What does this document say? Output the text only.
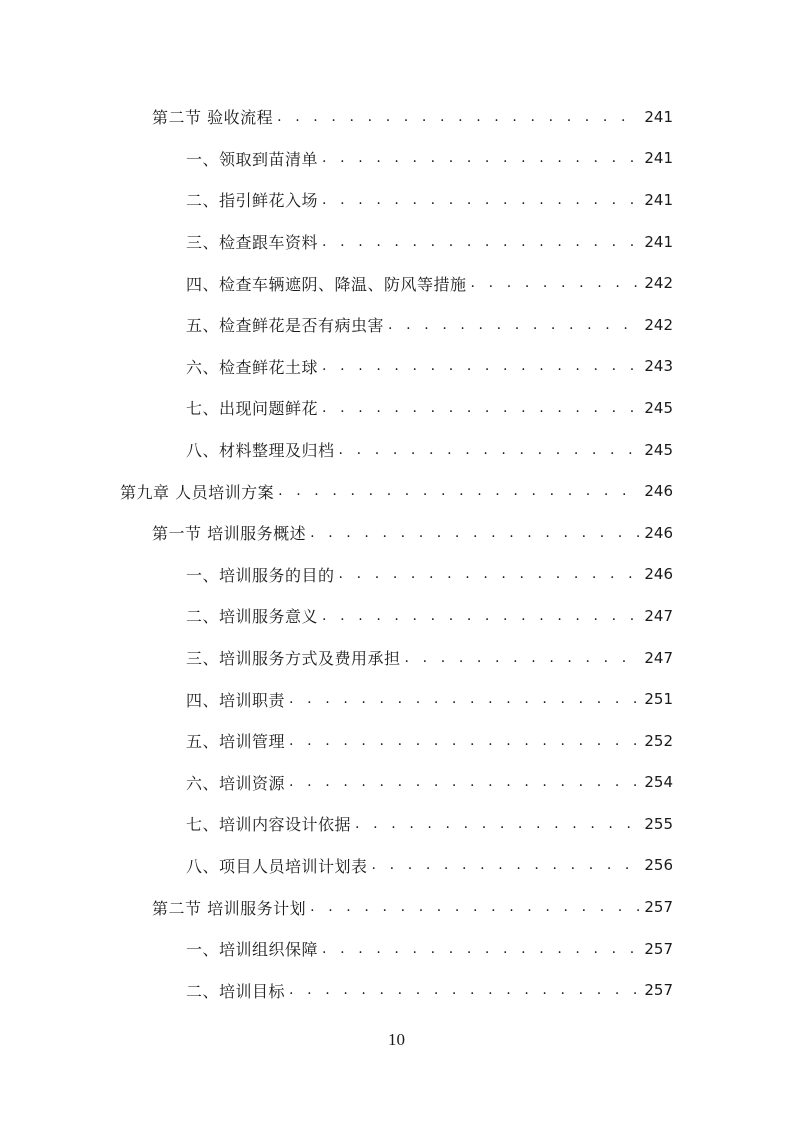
第二节 验收流程 . . .	241
一、领取到苗清单 . . .	241
二、指引鲜花入场 . . .	241
三、检查跟车资料 . . .	241
四、检查车辆遮阴、降温、防风等措施 . . .	242
五、检查鲜花是否有病虫害 . . .	242
六、检查鲜花土球 . . .	243
七、出现问题鲜花 . . .	245
八、材料整理及归档 . . .	245
第九章 人员培训方案 . . .	246
第一节 培训服务概述 . . .	246
一、培训服务的目的 . . .	246
二、培训服务意义 . . .	247
三、培训服务方式及费用承担 . . .	247
四、培训职责 . . .	251
五、培训管理 . . .	252
六、培训资源 . . .	254
七、培训内容设计依据 . . .	255
八、项目人员培训计划表 . . .	256
第二节 培训服务计划 . . .	257
一、培训组织保障 . . .	257
二、培训目标 . . .	257
10
